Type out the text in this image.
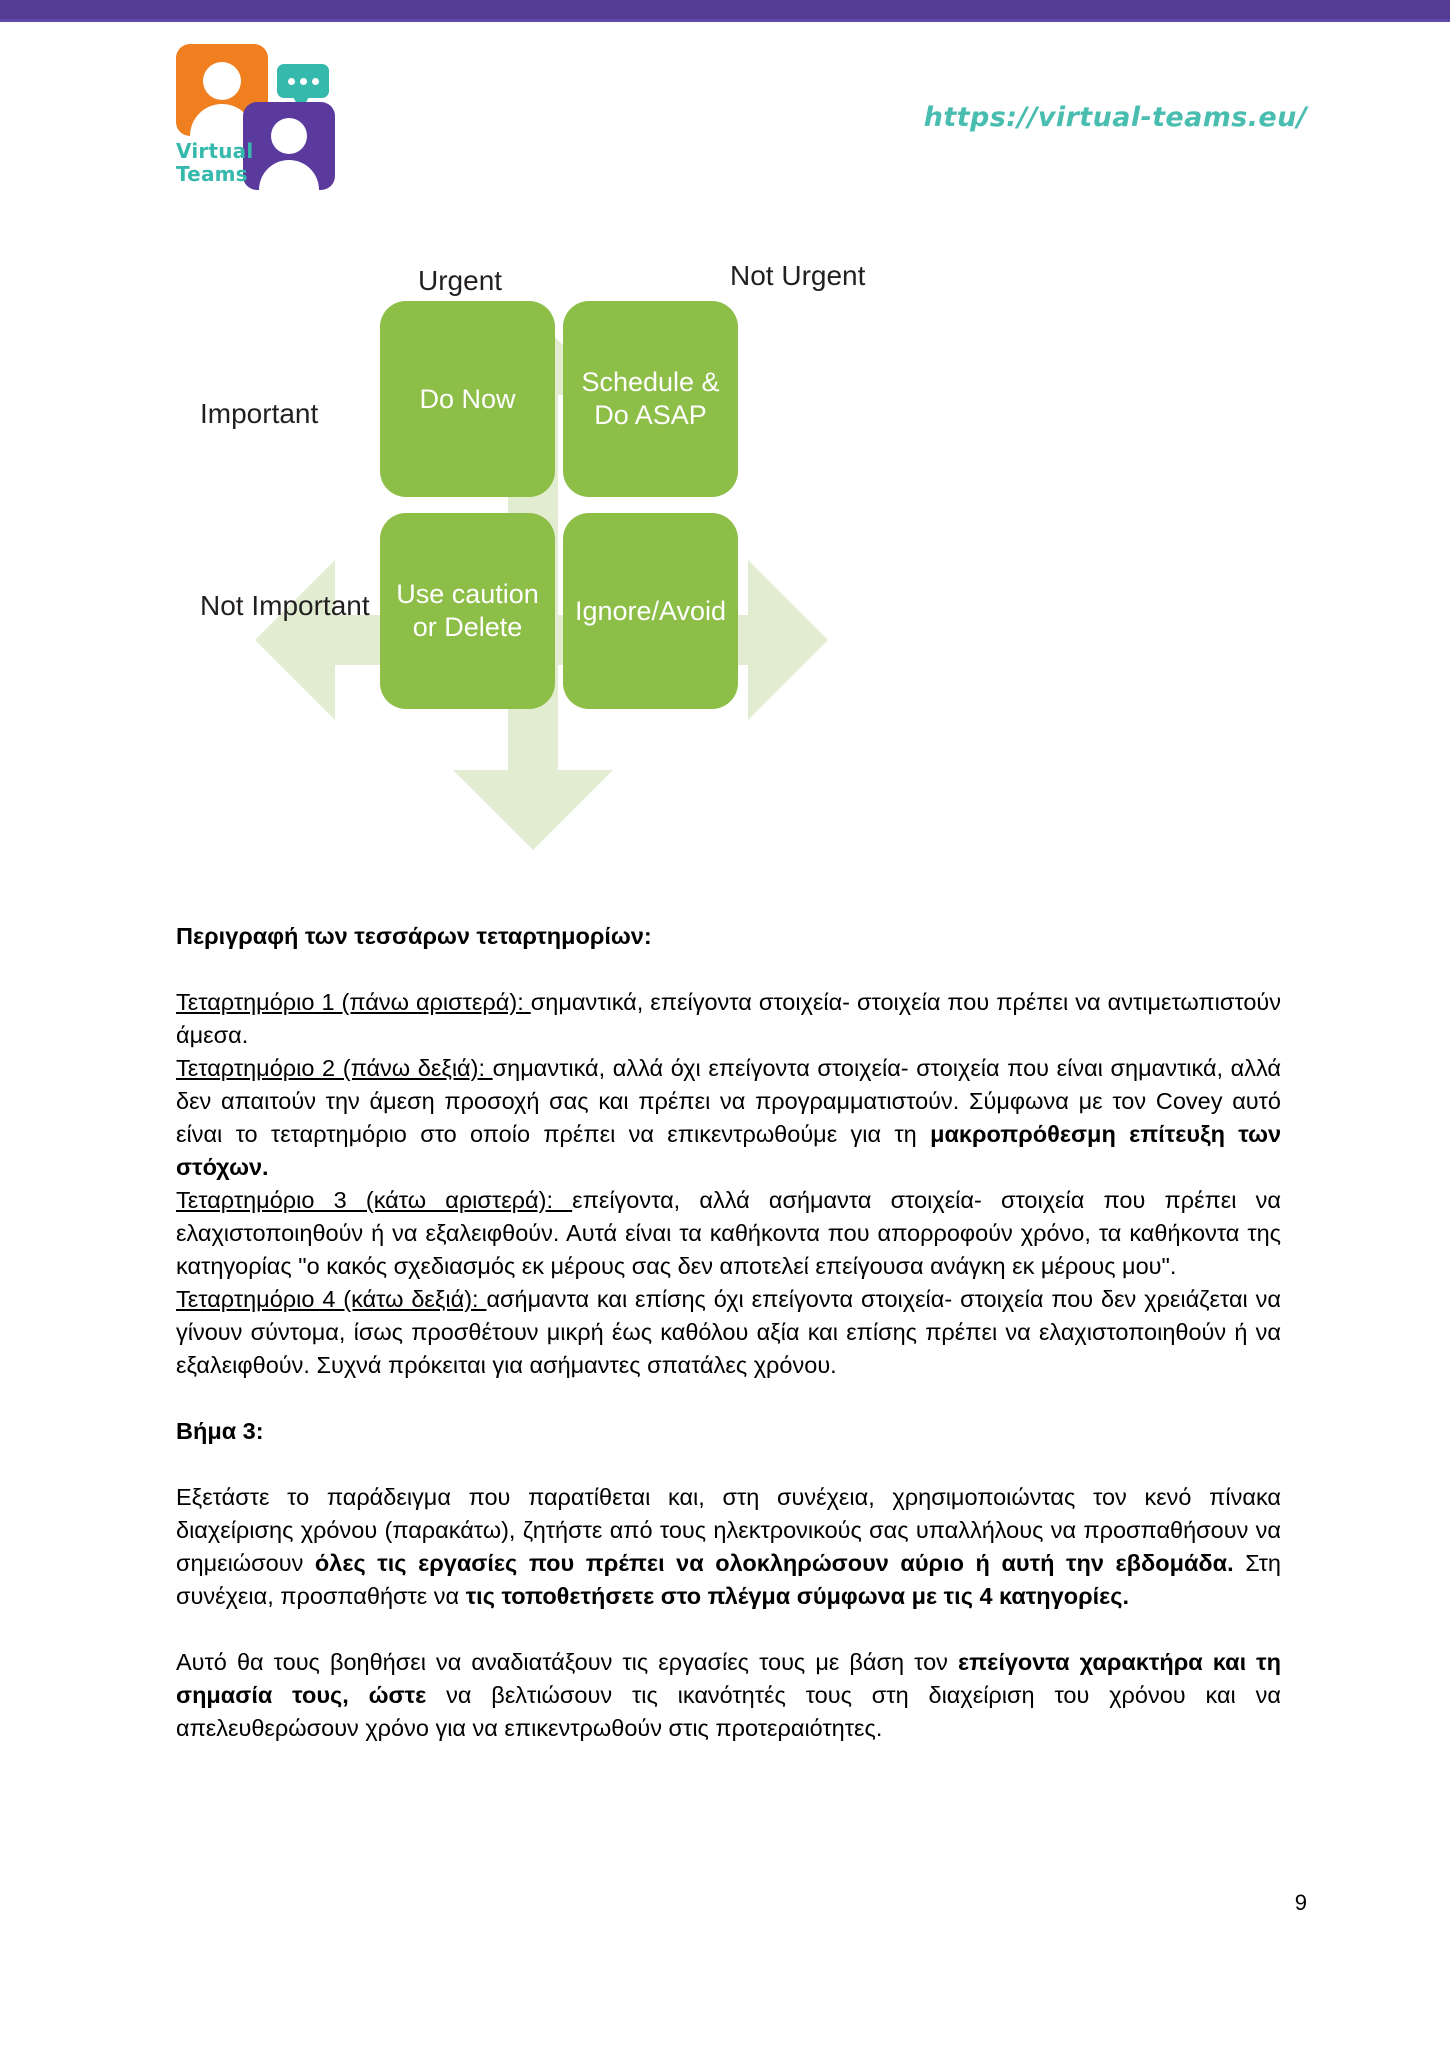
Virtual
Teams
https://virtual-teams.eu/
Urgent	Not Urgent
Important
Not Important
Do Now
Schedule &
Do ASAP
Use caution
or Delete
Ignore/Avoid

Περιγραφή των τεσσάρων τεταρτημορίων:

Τεταρτημόριο 1 (πάνω αριστερά): σημαντικά, επείγοντα στοιχεία- στοιχεία που πρέπει να αντιμετωπιστούν άμεσα.

Τεταρτημόριο 2 (πάνω δεξιά): σημαντικά, αλλά όχι επείγοντα στοιχεία- στοιχεία που είναι σημαντικά, αλλά δεν απαιτούν την άμεση προσοχή σας και πρέπει να προγραμματιστούν. Σύμφωνα με τον Covey αυτό είναι το τεταρτημόριο στο οποίο πρέπει να επικεντρωθούμε για τη μακροπρόθεσμη επίτευξη των στόχων.

Τεταρτημόριο 3 (κάτω αριστερά): επείγοντα, αλλά ασήμαντα στοιχεία- στοιχεία που πρέπει να ελαχιστοποιηθούν ή να εξαλειφθούν. Αυτά είναι τα καθήκοντα που απορροφούν χρόνο, τα καθήκοντα της κατηγορίας "ο κακός σχεδιασμός εκ μέρους σας δεν αποτελεί επείγουσα ανάγκη εκ μέρους μου".

Τεταρτημόριο 4 (κάτω δεξιά): ασήμαντα και επίσης όχι επείγοντα στοιχεία- στοιχεία που δεν χρειάζεται να γίνουν σύντομα, ίσως προσθέτουν μικρή έως καθόλου αξία και επίσης πρέπει να ελαχιστοποιηθούν ή να εξαλειφθούν. Συχνά πρόκειται για ασήμαντες σπατάλες χρόνου.

Βήμα 3:

Εξετάστε το παράδειγμα που παρατίθεται και, στη συνέχεια, χρησιμοποιώντας τον κενό πίνακα διαχείρισης χρόνου (παρακάτω), ζητήστε από τους ηλεκτρονικούς σας υπαλλήλους να προσπαθήσουν να σημειώσουν όλες τις εργασίες που πρέπει να ολοκληρώσουν αύριο ή αυτή την εβδομάδα. Στη συνέχεια, προσπαθήστε να τις τοποθετήσετε στο πλέγμα σύμφωνα με τις 4 κατηγορίες.

Αυτό θα τους βοηθήσει να αναδιατάξουν τις εργασίες τους με βάση τον επείγοντα χαρακτήρα και τη σημασία τους, ώστε να βελτιώσουν τις ικανότητές τους στη διαχείριση του χρόνου και να απελευθερώσουν χρόνο για να επικεντρωθούν στις προτεραιότητες.

9
